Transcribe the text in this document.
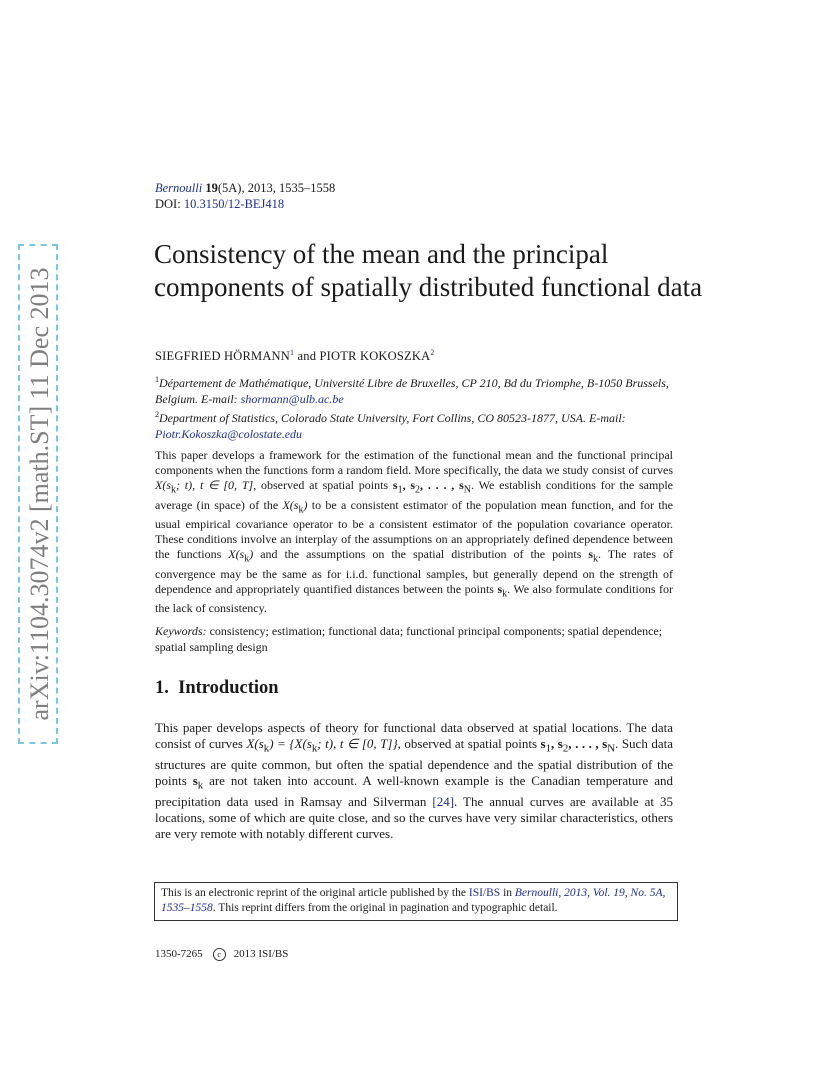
arXiv:1104.3074v2 [math.ST] 11 Dec 2013
Bernoulli 19(5A), 2013, 1535–1558
DOI: 10.3150/12-BEJ418
Consistency of the mean and the principal components of spatially distributed functional data
SIEGFRIED HÖRMANN$^1$ and PIOTR KOKOSZKA$^2$
$^1$Département de Mathématique, Université Libre de Bruxelles, CP 210, Bd du Triomphe, B-1050 Brussels, Belgium. E-mail: shormann@ulb.ac.be
$^2$Department of Statistics, Colorado State University, Fort Collins, CO 80523-1877, USA. E-mail: Piotr.Kokoszka@colostate.edu

This paper develops a framework for the estimation of the functional mean and the functional principal components when the functions form a random field. More specifically, the data we study consist of curves $X(s_k$; t), t ∈ [0, T], observed at spatial points $s_1$, $s_2$, . . . , $s_N$. We establish conditions for the sample average (in space) of the $X(s_k)$ to be a consistent estimator of the population mean function, and for the usual empirical covariance operator to be a consistent estimator of the population covariance operator. These conditions involve an interplay of the assumptions on an appropriately defined dependence between the functions $X(s_k)$ and the assumptions on the spatial distribution of the points $s_k$. The rates of convergence may be the same as for i.i.d. functional samples, but generally depend on the strength of dependence and appropriately quantified distances between the points $s_k$. We also formulate conditions for the lack of consistency.

Keywords: consistency; estimation; functional data; functional principal components; spatial dependence; spatial sampling design

1. Introduction

This paper develops aspects of theory for functional data observed at spatial locations. The data consist of curves $X(s_k) = \{X(s_k$; t), t ∈ [0, T]}, observed at spatial points $s_1$, $s_2$, . . . , $s_N$. Such data structures are quite common, but often the spatial dependence and the spatial distribution of the points $s_k$ are not taken into account. A well-known example is the Canadian temperature and precipitation data used in Ramsay and Silverman [24]. The annual curves are available at 35 locations, some of which are quite close, and so the curves have very similar characteristics, others are very remote with notably different curves.

This is an electronic reprint of the original article published by the ISI/BS in Bernoulli, 2013, Vol. 19, No. 5A, 1535–1558. This reprint differs from the original in pagination and typographic detail.
1350-7265 c 2013 ISI/BS
